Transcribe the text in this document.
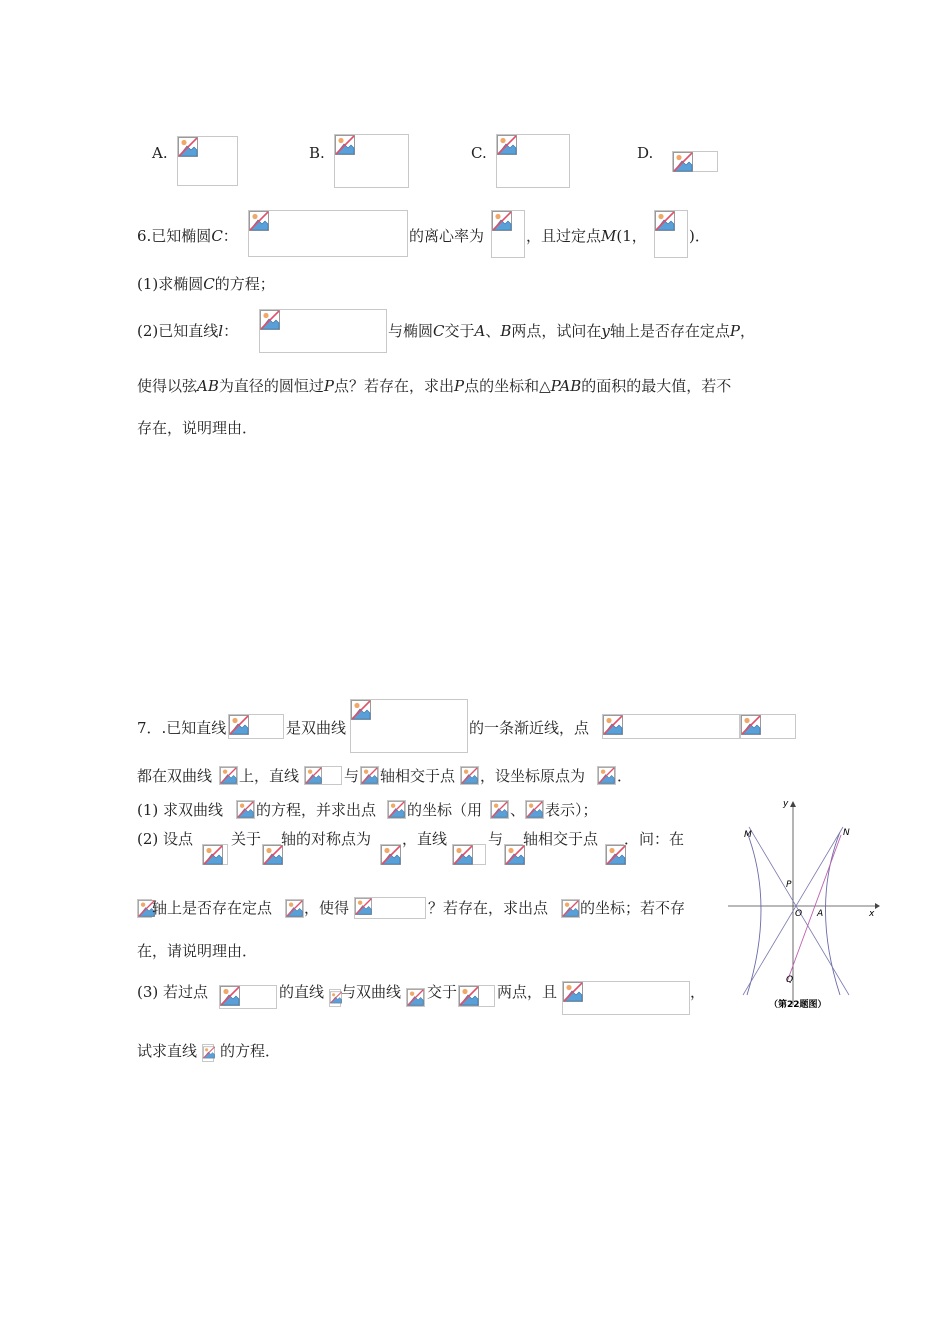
A.	B.	C.	D.
6.已知椭圆C：	的离心率为	，且过定点M(1，	)．
(1)求椭圆C的方程；
(2)已知直线l：	与椭圆C交于A、B两点，试问在y轴上是否存在定点P，
使得以弦AB为直径的圆恒过P点？若存在，求出P点的坐标和△PAB的面积的最大值，若不
存在，说明理由．
7．.已知直线	是双曲线	的一条渐近线，点
都在双曲线 上，直线	与 轴相交于点 ，设坐标原点为 ．
(1) 求双曲线 的方程，并求出点 的坐标（用 、 表示）；
(2) 设点	关于 轴的对称点为 ，直线	与 轴相交于点 ．问：在
轴上是否存在定点 ，使得	？若存在，求出点 的坐标；若不存
在，请说明理由．
(3) 若过点	的直线 与双曲线 交于	两点，且	，
试求直线 的方程．
y
x
M	N
P
O A
Q
（第22题图）
